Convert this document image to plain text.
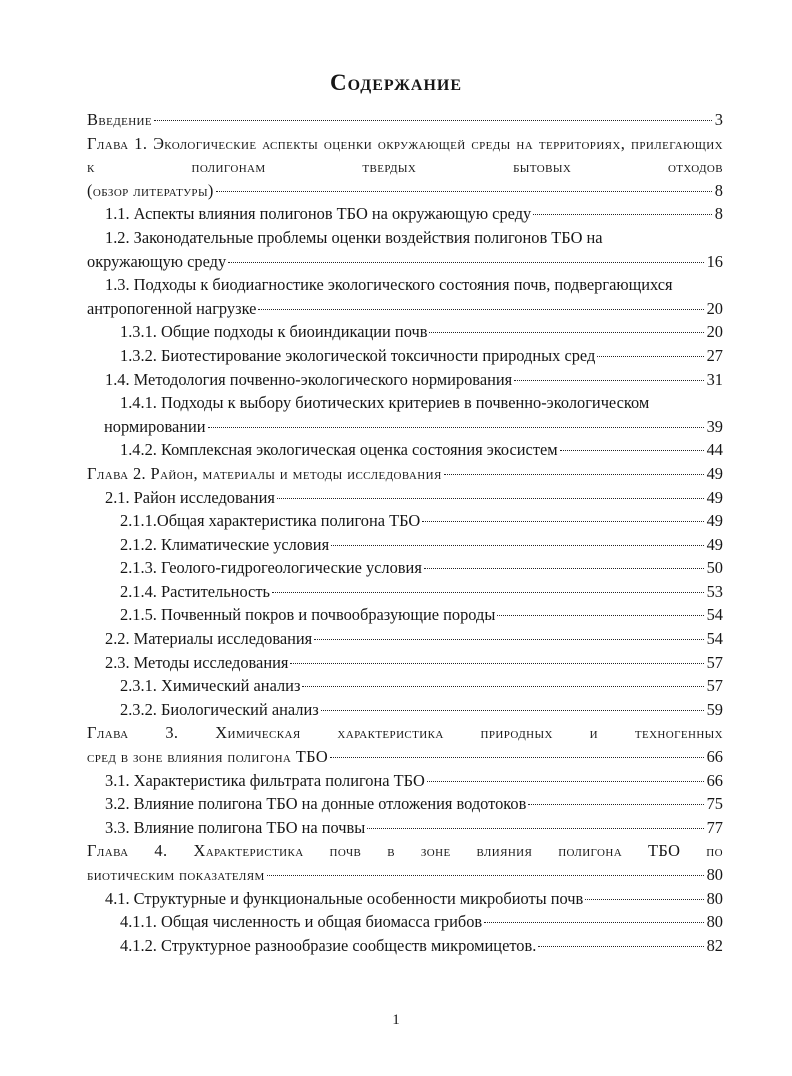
Содержание
Введение	3
Глава 1. Экологические аспекты оценки окружающей среды на территориях, прилегающих к полигонам твердых бытовых отходов
(обзор литературы)	8
1.1. Аспекты влияния полигонов ТБО на окружающую среду	8
1.2. Законодательные проблемы оценки воздействия полигонов ТБО на
окружающую среду	16
1.3. Подходы к биодиагностике экологического состояния почв, подвергающихся
антропогенной нагрузке	20
1.3.1. Общие подходы к биоиндикации почв	20
1.3.2. Биотестирование экологической токсичности природных сред	27
1.4. Методология почвенно-экологического нормирования	31
1.4.1. Подходы к выбору биотических критериев в почвенно-экологическом
нормировании	39
1.4.2. Комплексная экологическая оценка состояния экосистем	44
Глава 2. Район, материалы и методы исследования	49
2.1. Район исследования	49
2.1.1.Общая характеристика полигона ТБО	49
2.1.2. Климатические условия	49
2.1.3. Геолого-гидрогеологические условия	50
2.1.4. Растительность	53
2.1.5. Почвенный покров и почвообразующие породы	54
2.2. Материалы исследования	54
2.3. Методы исследования	57
2.3.1. Химический анализ	57
2.3.2. Биологический анализ	59
Глава 3. Химическая характеристика природных и техногенных
сред в зоне влияния полигона ТБО	66
3.1. Характеристика фильтрата полигона ТБО	66
3.2. Влияние полигона ТБО на донные отложения водотоков	75
3.3. Влияние полигона ТБО на почвы	77
Глава 4. Характеристика почв в зоне влияния полигона ТБО по
биотическим показателям	80
4.1. Структурные и функциональные особенности микробиоты почв	80
4.1.1. Общая численность и общая биомасса грибов	80
4.1.2. Структурное разнообразие сообществ микромицетов.	82
1
